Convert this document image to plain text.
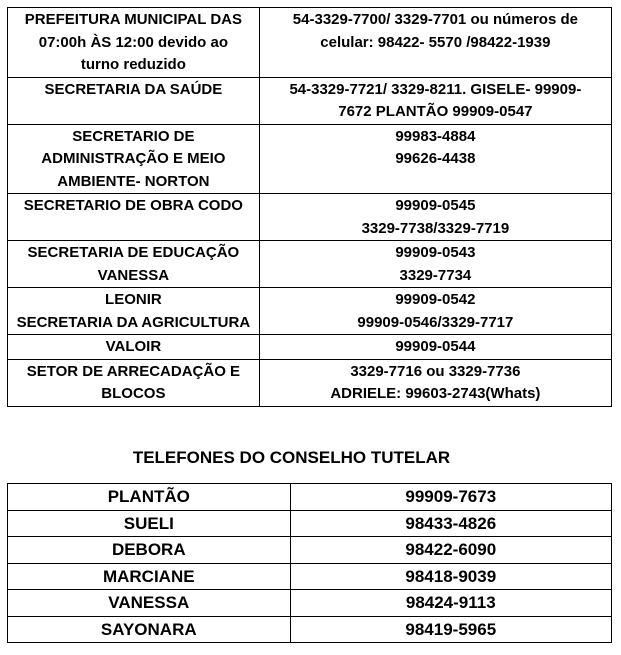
PREFEITURA MUNICIPAL DAS
07:00h ÀS 12:00 devido ao
turno reduzido	54-3329-7700/ 3329-7701 ou números de
celular: 98422- 5570 /98422-1939

SECRETARIA DA SAÚDE	54-3329-7721/ 3329-8211. GISELE- 99909-
7672 PLANTÃO 99909-0547

SECRETARIO DE
ADMINISTRAÇÃO E MEIO
AMBIENTE- NORTON	99983-4884
99626-4438

SECRETARIO DE OBRA CODO	99909-0545
3329-7738/3329-7719

SECRETARIA DE EDUCAÇÃO
VANESSA	99909-0543
3329-7734

LEONIR
SECRETARIA DA AGRICULTURA	99909-0542
99909-0546/3329-7717

VALOIR	99909-0544

SETOR DE ARRECADAÇÃO E
BLOCOS	3329-7716 ou 3329-7736
ADRIELE: 99603-2743(Whats)
TELEFONES DO CONSELHO TUTELAR
PLANTÃO	99909-7673
SUELI	98433-4826
DEBORA	98422-6090
MARCIANE	98418-9039
VANESSA	98424-9113
SAYONARA	98419-5965
